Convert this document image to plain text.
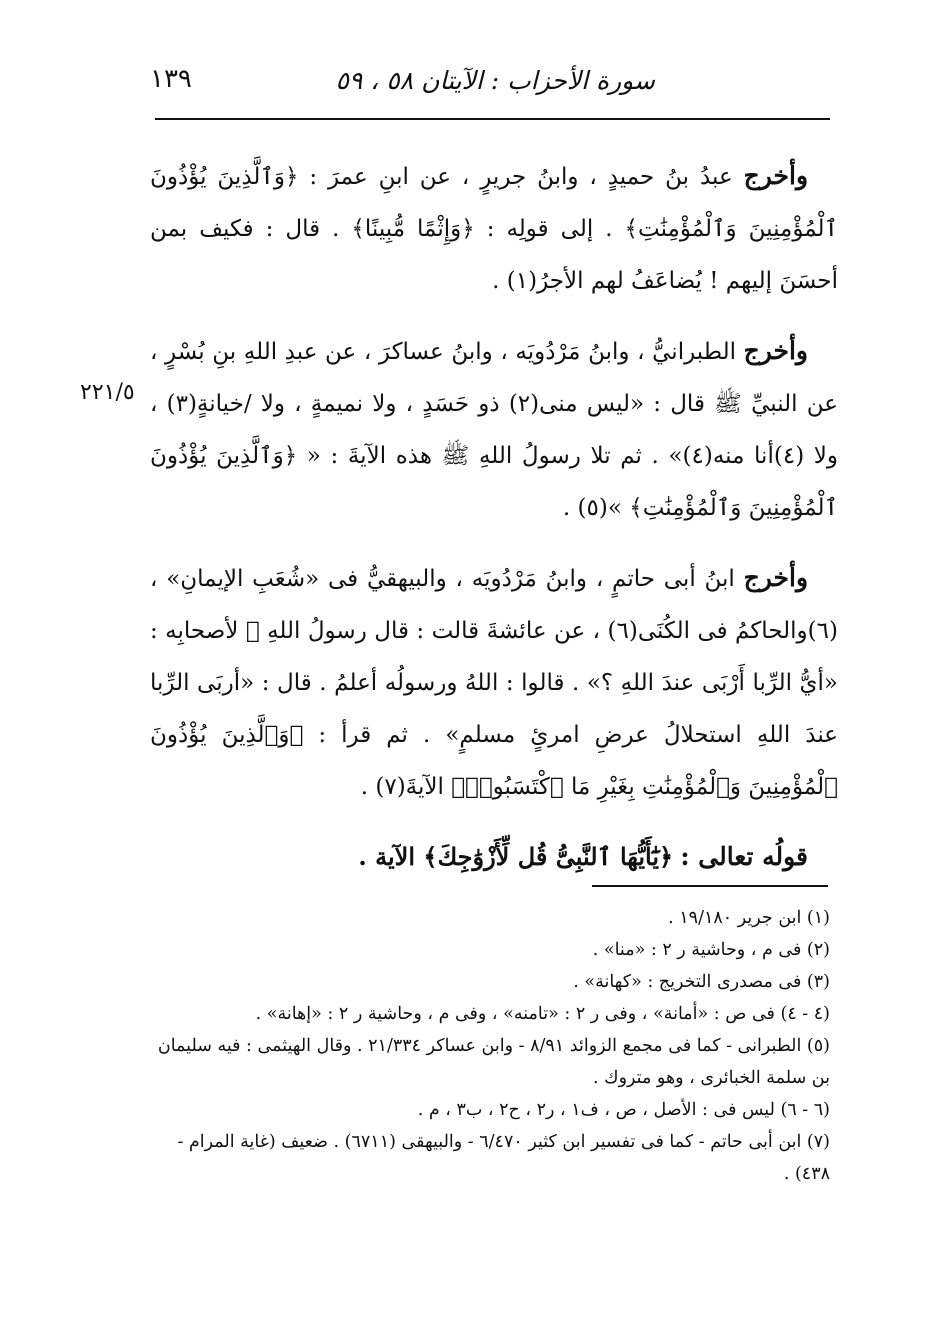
سورة الأحزاب : الآيتان ٥٨ ، ٥٩
١٣٩
٢٢١/٥

وأخرج عبدُ بنُ حميدٍ ، وابنُ جريرٍ ، عن ابنِ عمرَ : ﴿وَٱلَّذِينَ يُؤْذُونَ ٱلْمُؤْمِنِينَ وَٱلْمُؤْمِنَٰتِ﴾ . إلى قولِه : ﴿وَإِثْمًا مُّبِينًا﴾ . قال : فكيف بمن أحسَنَ إليهم ! يُضاعَفُ لهم الأجرُ(١) .

وأخرج الطبرانيُّ ، وابنُ مَرْدُويَه ، وابنُ عساكرَ ، عن عبدِ اللهِ بنِ بُسْرٍ ، عن النبيِّ ﷺ قال : «ليس منى(٢) ذو حَسَدٍ ، ولا نميمةٍ ، ولا /خيانةٍ(٣) ، ولا (٤)أنا منه(٤)» . ثم تلا رسولُ اللهِ ﷺ هذه الآيةَ : « ﴿وَٱلَّذِينَ يُؤْذُونَ ٱلْمُؤْمِنِينَ وَٱلْمُؤْمِنَٰتِ﴾ »(٥) .

وأخرج ابنُ أبى حاتمٍ ، وابنُ مَرْدُويَه ، والبيهقيُّ فى «شُعَبِ الإيمانِ» ، (٦)والحاكمُ فى الكُنَى(٦) ، عن عائشةَ قالت : قال رسولُ اللهِ ﷺ لأصحابِه : «أيُّ الرِّبا أَرْبَى عندَ اللهِ ؟» . قالوا : اللهُ ورسولُه أعلمُ . قال : «أربَى الرِّبا عندَ اللهِ استحلالُ عرضِ امرئٍ مسلمٍ» . ثم قرأ : ﴿وَٱلَّذِينَ يُؤْذُونَ ٱلْمُؤْمِنِينَ وَٱلْمُؤْمِنَٰتِ بِغَيْرِ مَا ٱكْتَسَبُوا۟﴾ الآيةَ(٧) .

قولُه تعالى : ﴿يَٰٓأَيُّهَا ٱلنَّبِىُّ قُل لِّأَزْوَٰجِكَ﴾ الآية .

(١) ابن جرير ١٩/١٨٠ .

(٢) فى م ، وحاشية ر ٢ : «منا» .

(٣) فى مصدرى التخريج : «كهانة» .

(٤ - ٤) فى ص : «أمانة» ، وفى ر ٢ : «تامنه» ، وفى م ، وحاشية ر ٢ : «إهانة» .

(٥) الطبرانى - كما فى مجمع الزوائد ٨/٩١ - وابن عساكر ٢١/٣٣٤ . وقال الهيثمى : فيه سليمان بن سلمة الخبائرى ، وهو متروك .

(٦ - ٦) ليس فى : الأصل ، ص ، ف١ ، ر٢ ، ح٢ ، ب٣ ، م .

(٧) ابن أبى حاتم - كما فى تفسير ابن كثير ٦/٤٧٠ - والبيهقى (٦٧١١) . ضعيف (غاية المرام - ٤٣٨) .
